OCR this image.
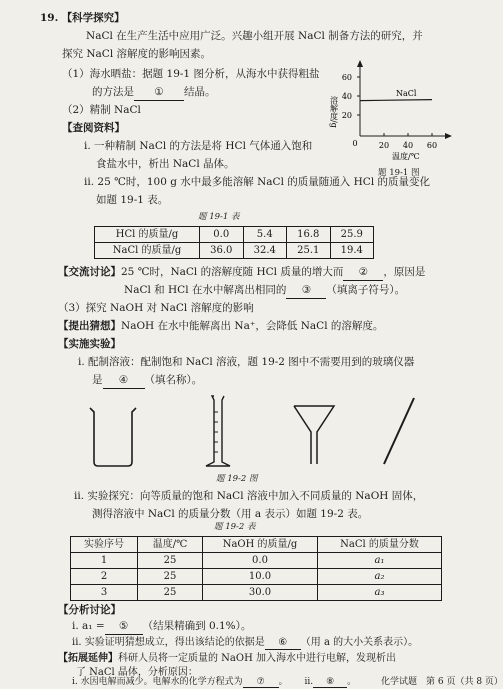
19. 【科学探究】
NaCl 在生产生活中应用广泛。兴趣小组开展 NaCl 制备方法的研究，并
探究 NaCl 溶解度的影响因素。
（1）海水晒盐：据题 19-1 图分析，从海水中获得粗盐
的方法是 ① 结晶。
（2）精制 NaCl
【查阅资料】
i. 一种精制 NaCl 的方法是将 HCl 气体通入饱和
食盐水中，析出 NaCl 晶体。
ii. 25 ℃时，100 g 水中最多能溶解 NaCl 的质量随通入 HCl 的质量变化
如题 19-1 表。
溶解度/g
60
40
20
0	20 40 60
NaCl
温度/℃
题 19-1 图
题 19-1 表
HCl 的质量/g	0.0	5.4	16.8	25.9
NaCl 的质量/g	36.0	32.4	25.1	19.4
【交流讨论】25 ℃时，NaCl 的溶解度随 HCl 质量的增大而 ② ，原因是
NaCl 和 HCl 在水中解离出相同的 ③ （填离子符号）。
（3）探究 NaOH 对 NaCl 溶解度的影响
【提出猜想】NaOH 在水中能解离出 Na⁺，会降低 NaCl 的溶解度。
【实施实验】
i. 配制溶液：配制饱和 NaCl 溶液，题 19-2 图中不需要用到的玻璃仪器
是 ④ （填名称）。
题 19-2 图
ii. 实验探究：向等质量的饱和 NaCl 溶液中加入不同质量的 NaOH 固体，
测得溶液中 NaCl 的质量分数（用 a 表示）如题 19-2 表。
题 19-2 表
实验序号	温度/℃	NaOH 的质量/g	NaCl 的质量分数
1	25	0.0	a₁
2	25	10.0	a₂
3	25	30.0	a₃
【分析讨论】
i. a₁ = ⑤ （结果精确到 0.1%）。
ii. 实验证明猜想成立，得出该结论的依据是 ⑥ （用 a 的大小关系表示）。
【拓展延伸】科研人员将一定质量的 NaOH 加入海水中进行电解，发现析出
了 NaCl 晶体，分析原因：
i. 水因电解而减少。电解水的化学方程式为 ⑦ 。 ii. ⑧ 。	化学试题　第 6 页（共 8 页）
